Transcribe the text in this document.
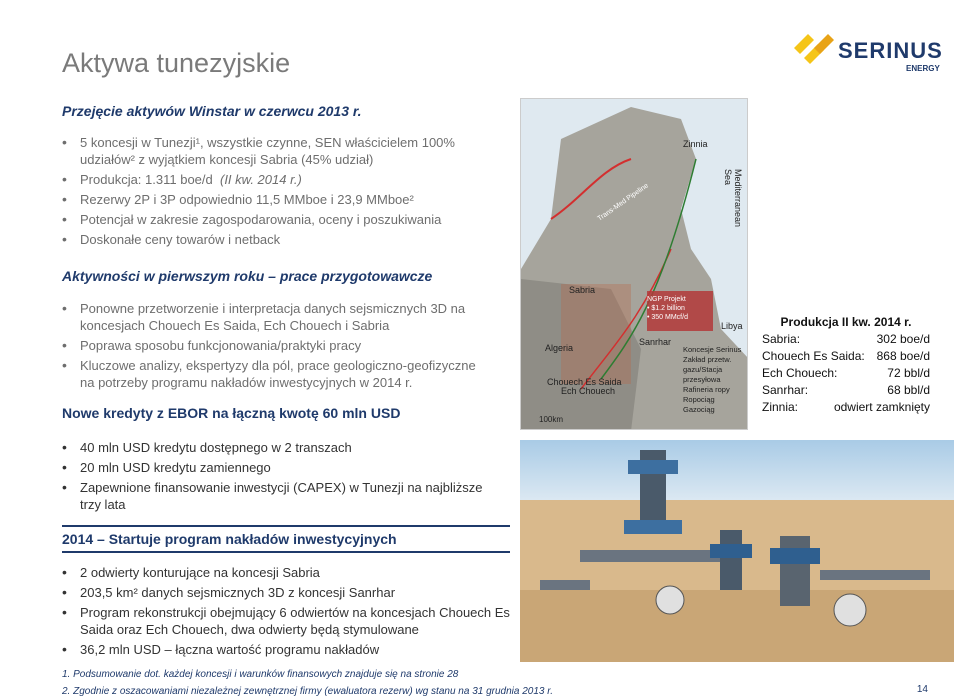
Aktywa tunezyjskie	SERINUS
ENERGY
Przejęcie aktywów Winstar w czerwcu 2013 r.
• 5 koncesji w Tunezji¹, wszystkie czynne, SEN właścicielem 100% udziałów² z wyjątkiem koncesji Sabria (45% udział)
• Produkcja: 1.311 boe/d (II kw. 2014 r.)
• Rezerwy 2P i 3P odpowiednio 11,5 MMboe i 23,9 MMboe²
• Potencjał w zakresie zagospodarowania, oceny i poszukiwania
• Doskonałe ceny towarów i netback
Aktywności w pierwszym roku – prace przygotowawcze
• Ponowne przetworzenie i interpretacja danych sejsmicznych 3D na koncesjach Chouech Es Saida, Ech Chouech i Sabria
• Poprawa sposobu funkcjonowania/praktyki pracy
• Kluczowe analizy, ekspertyzy dla pól, prace geologiczno-geofizyczne na potrzeby programu nakładów inwestycyjnych w 2014 r.
Nowe kredyty z EBOR na łączną kwotę 60 mln USD
• 40 mln USD kredytu dostępnego w 2 transzach
• 20 mln USD kredytu zamiennego
• Zapewnione finansowanie inwestycji (CAPEX) w Tunezji na najbliższe trzy lata
2014 – Startuje program nakładów inwestycyjnych
• 2 odwierty konturujące na koncesji Sabria
• 203,5 km² danych sejsmicznych 3D z koncesji Sanrhar
• Program rekonstrukcji obejmujący 6 odwiertów na koncesjach Chouech Es Saida oraz Ech Chouech, dwa odwierty będą stymulowane
• 36,2 mln USD – łączna wartość programu nakładów
Zinnia
Mediterranean Sea
Sabria
Algeria
Libya
Sanrhar
Chouech Es Saida
Ech Chouech
100km
Trans-Med Pipeline
NGP Projekt
• $1.2 billion
• 350 MMcf/d
Koncesje Serinus
Zakład przetw. gazu/Stacja przesyłowa
Rafineria ropy
Ropociąg
Gazociąg
Produkcja II kw. 2014 r.
Sabria:	302 boe/d
Chouech Es Saida: 868 boe/d
Ech Chouech:	72 bbl/d
Sanrhar:	68 bbl/d
Zinnia:	odwiert zamknięty
1. Podsumowanie dot. każdej koncesji i warunków finansowych znajduje się na stronie 28
2. Zgodnie z oszacowaniami niezależnej zewnętrznej firmy (ewaluatora rezerw) wg stanu na 31 grudnia 2013 r.	14
